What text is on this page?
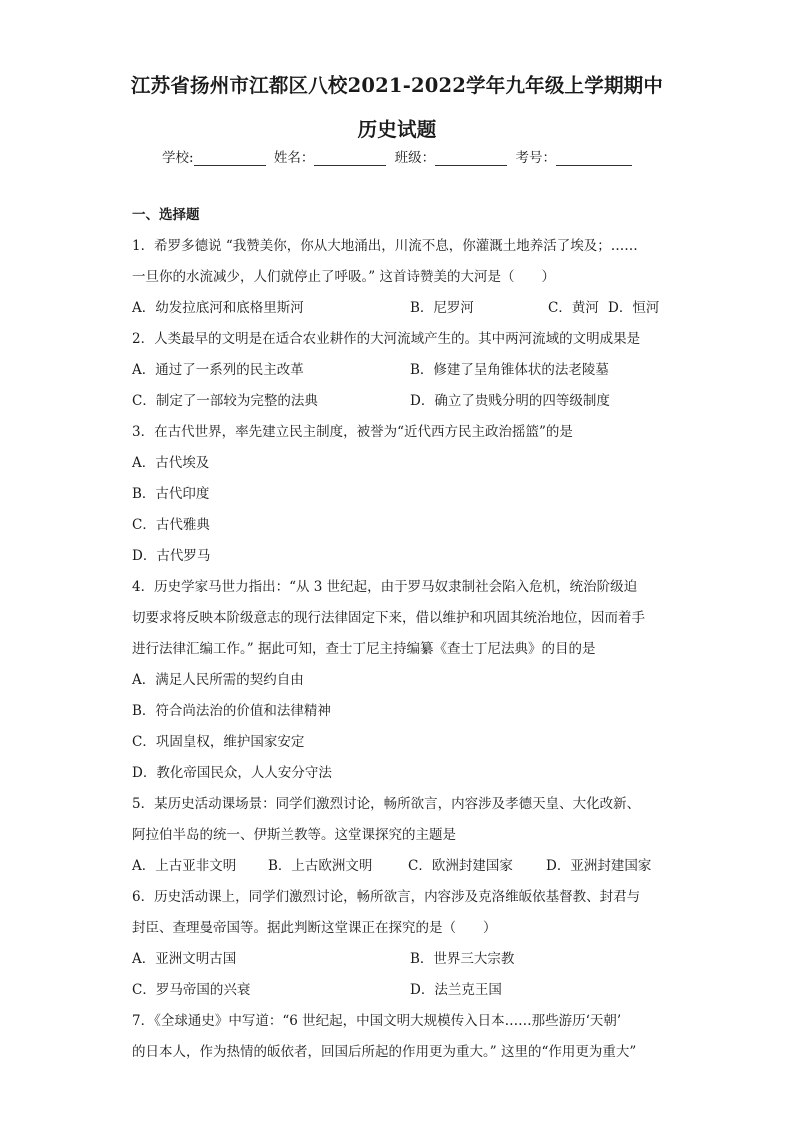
江苏省扬州市江都区八校2021-2022学年九年级上学期期中
历史试题
学校:	姓名：	班级：	考号：
一、选择题
1．希罗多德说 “我赞美你，你从大地涌出，川流不息，你灌溉土地养活了埃及；……
一旦你的水流减少，人们就停止了呼吸。” 这首诗赞美的大河是（　　）
A．幼发拉底河和底格里斯河	B．尼罗河	C．黄河 D．恒河
2．人类最早的文明是在适合农业耕作的大河流域产生的。其中两河流域的文明成果是
A．通过了一系列的民主改革	B．修建了呈角锥体状的法老陵墓
C．制定了一部较为完整的法典	D．确立了贵贱分明的四等级制度
3．在古代世界，率先建立民主制度，被誉为“近代西方民主政治摇篮”的是
A．古代埃及
B．古代印度
C．古代雅典
D．古代罗马
4．历史学家马世力指出：“从 3 世纪起，由于罗马奴隶制社会陷入危机，统治阶级迫
切要求将反映本阶级意志的现行法律固定下来，借以维护和巩固其统治地位，因而着手
进行法律汇编工作。” 据此可知，查士丁尼主持编纂《查士丁尼法典》的目的是
A．满足人民所需的契约自由
B．符合尚法治的价值和法律精神
C．巩固皇权，维护国家安定
D．教化帝国民众，人人安分守法
5．某历史活动课场景：同学们激烈讨论，畅所欲言，内容涉及孝德天皇、大化改新、
阿拉伯半岛的统一、伊斯兰教等。这堂课探究的主题是
A．上古亚非文明 B．上古欧洲文明	C．欧洲封建国家 D．亚洲封建国家
6．历史活动课上，同学们激烈讨论，畅所欲言，内容涉及克洛维皈依基督教、封君与
封臣、查理曼帝国等。据此判断这堂课正在探究的是（　　）
A．亚洲文明古国	B．世界三大宗教
C．罗马帝国的兴衰	D．法兰克王国
7．《全球通史》中写道：“6 世纪起，中国文明大规模传入日本……那些游历‘天朝’
的日本人，作为热情的皈依者，回国后所起的作用更为重大。” 这里的“作用更为重大”
